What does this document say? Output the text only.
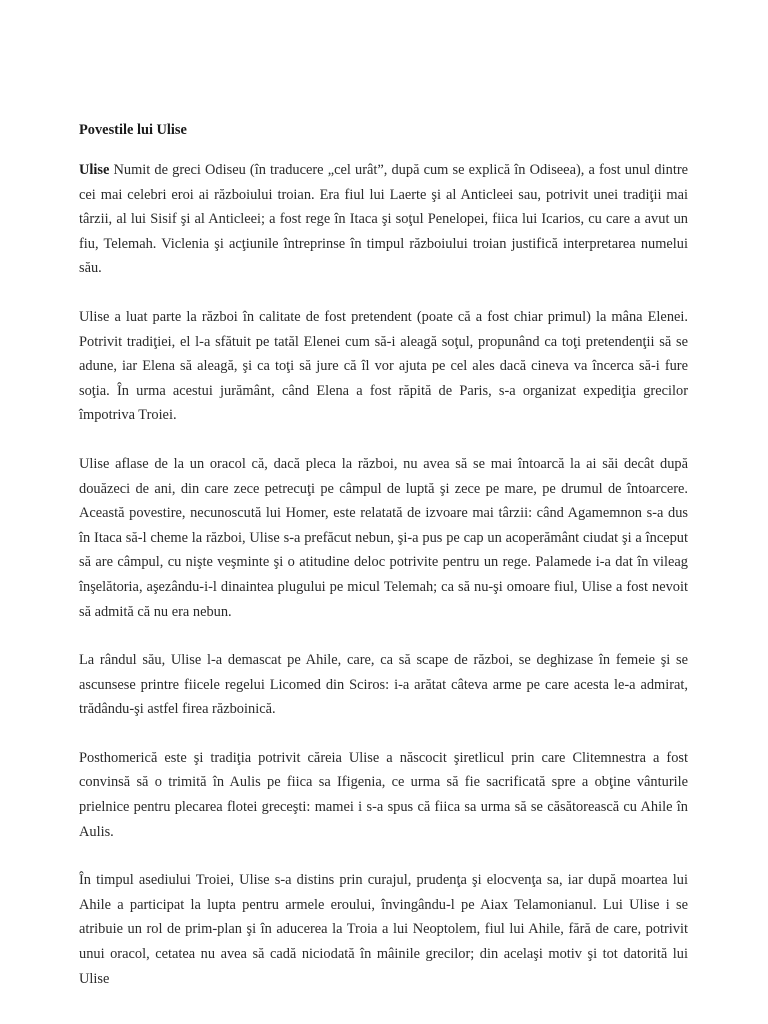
Povestile lui Ulise

Ulise Numit de greci Odiseu (în traducere „cel urât”, după cum se explică în Odiseea), a fost unul dintre cei mai celebri eroi ai războiului troian. Era fiul lui Laerte şi al Anticleei sau, potrivit unei tradiţii mai târzii, al lui Sisif şi al Anticleei; a fost rege în Itaca şi soţul Penelopei, fiica lui Icarios, cu care a avut un fiu, Telemah. Viclenia şi acţiunile întreprinse în timpul războiului troian justifică interpretarea numelui său.

Ulise a luat parte la război în calitate de fost pretendent (poate că a fost chiar primul) la mâna Elenei. Potrivit tradiţiei, el l-a sfătuit pe tatăl Elenei cum să-i aleagă soţul, propunând ca toţi pretendenţii să se adune, iar Elena să aleagă, şi ca toţi să jure că îl vor ajuta pe cel ales dacă cineva va încerca să-i fure soţia. În urma acestui jurământ, când Elena a fost răpită de Paris, s-a organizat expediţia grecilor împotriva Troiei.

Ulise aflase de la un oracol că, dacă pleca la război, nu avea să se mai întoarcă la ai săi decât după douăzeci de ani, din care zece petrecuţi pe câmpul de luptă şi zece pe mare, pe drumul de întoarcere. Această povestire, necunoscută lui Homer, este relatată de izvoare mai târzii: când Agamemnon s-a dus în Itaca să-l cheme la război, Ulise s-a prefăcut nebun, şi-a pus pe cap un acoperământ ciudat şi a început să are câmpul, cu nişte veşminte şi o atitudine deloc potrivite pentru un rege. Palamede i-a dat în vileag înşelătoria, aşezându-i-l dinaintea plugului pe micul Telemah; ca să nu-şi omoare fiul, Ulise a fost nevoit să admită că nu era nebun.

La rândul său, Ulise l-a demascat pe Ahile, care, ca să scape de război, se deghizase în femeie şi se ascunsese printre fiicele regelui Licomed din Sciros: i-a arătat câteva arme pe care acesta le-a admirat, trădându-şi astfel firea războinică.

Posthomerică este şi tradiţia potrivit căreia Ulise a născocit şiretlicul prin care Clitemnestra a fost convinsă să o trimită în Aulis pe fiica sa Ifigenia, ce urma să fie sacrificată spre a obţine vânturile prielnice pentru plecarea flotei greceşti: mamei i s-a spus că fiica sa urma să se căsătorească cu Ahile în Aulis.

În timpul asediului Troiei, Ulise s-a distins prin curajul, prudenţa şi elocvenţa sa, iar după moartea lui Ahile a participat la lupta pentru armele eroului, învingându-l pe Aiax Telamonianul. Lui Ulise i se atribuie un rol de prim-plan şi în aducerea la Troia a lui Neoptolem, fiul lui Ahile, fără de care, potrivit unui oracol, cetatea nu avea să cadă niciodată în mâinile grecilor; din acelaşi motiv şi tot datorită lui Ulise
